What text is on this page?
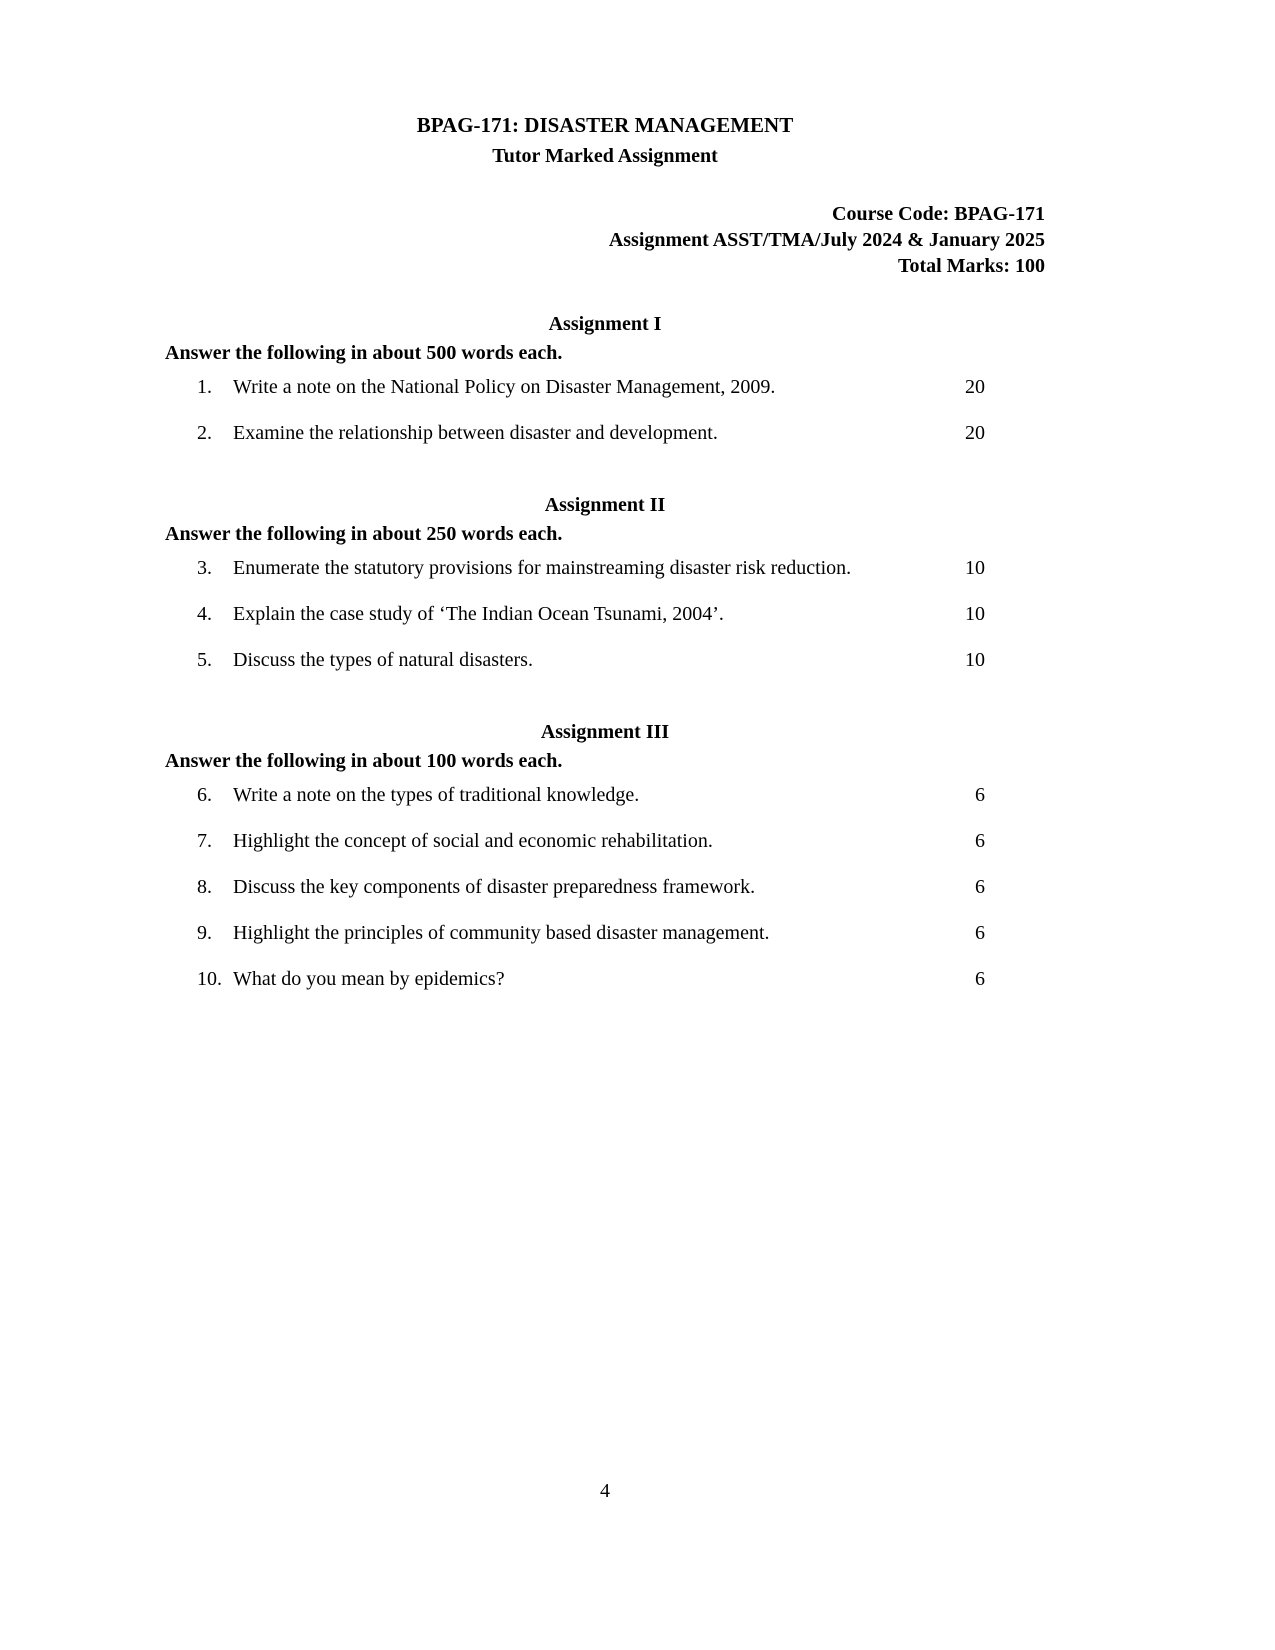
BPAG-171: DISASTER MANAGEMENT
Tutor Marked Assignment
Course Code: BPAG-171
Assignment ASST/TMA/July 2024 & January 2025
Total Marks: 100
Assignment I
Answer the following in about 500 words each.
1.	Write a note on the National Policy on Disaster Management, 2009.	20
2.	Examine the relationship between disaster and development.	20
Assignment II
Answer the following in about 250 words each.
3.	Enumerate the statutory provisions for mainstreaming disaster risk reduction.	10
4.	Explain the case study of ‘The Indian Ocean Tsunami, 2004’.	10
5.	Discuss the types of natural disasters.	10
Assignment III
Answer the following in about 100 words each.
6.	Write a note on the types of traditional knowledge.	6
7.	Highlight the concept of social and economic rehabilitation.	6
8.	Discuss the key components of disaster preparedness framework.	6
9.	Highlight the principles of community based disaster management.	6
10. What do you mean by epidemics?	6
4
